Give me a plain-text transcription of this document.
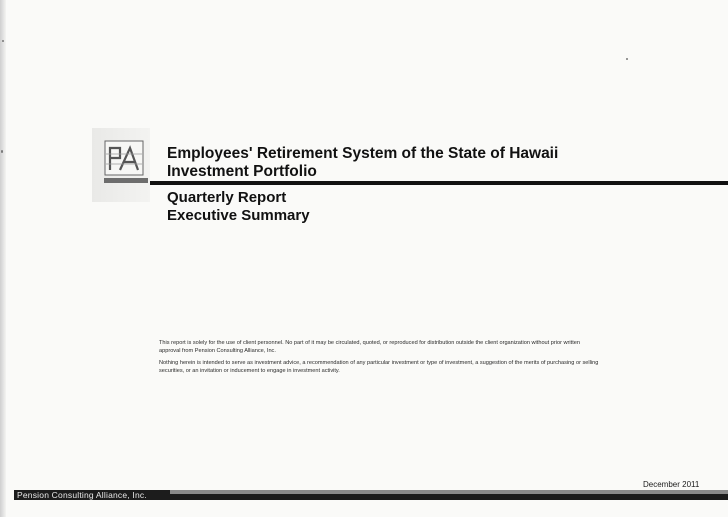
Employees' Retirement System of the State of Hawaii
Investment Portfolio
Quarterly Report
Executive Summary

This report is solely for the use of client personnel. No part of it may be circulated, quoted, or reproduced for distribution outside the client organization without prior written approval from Pension Consulting Alliance, Inc.

Nothing herein is intended to serve as investment advice, a recommendation of any particular investment or type of investment, a suggestion of the merits of purchasing or selling securities, or an invitation or inducement to engage in investment activity.

December 2011
Pension Consulting Alliance, Inc.
